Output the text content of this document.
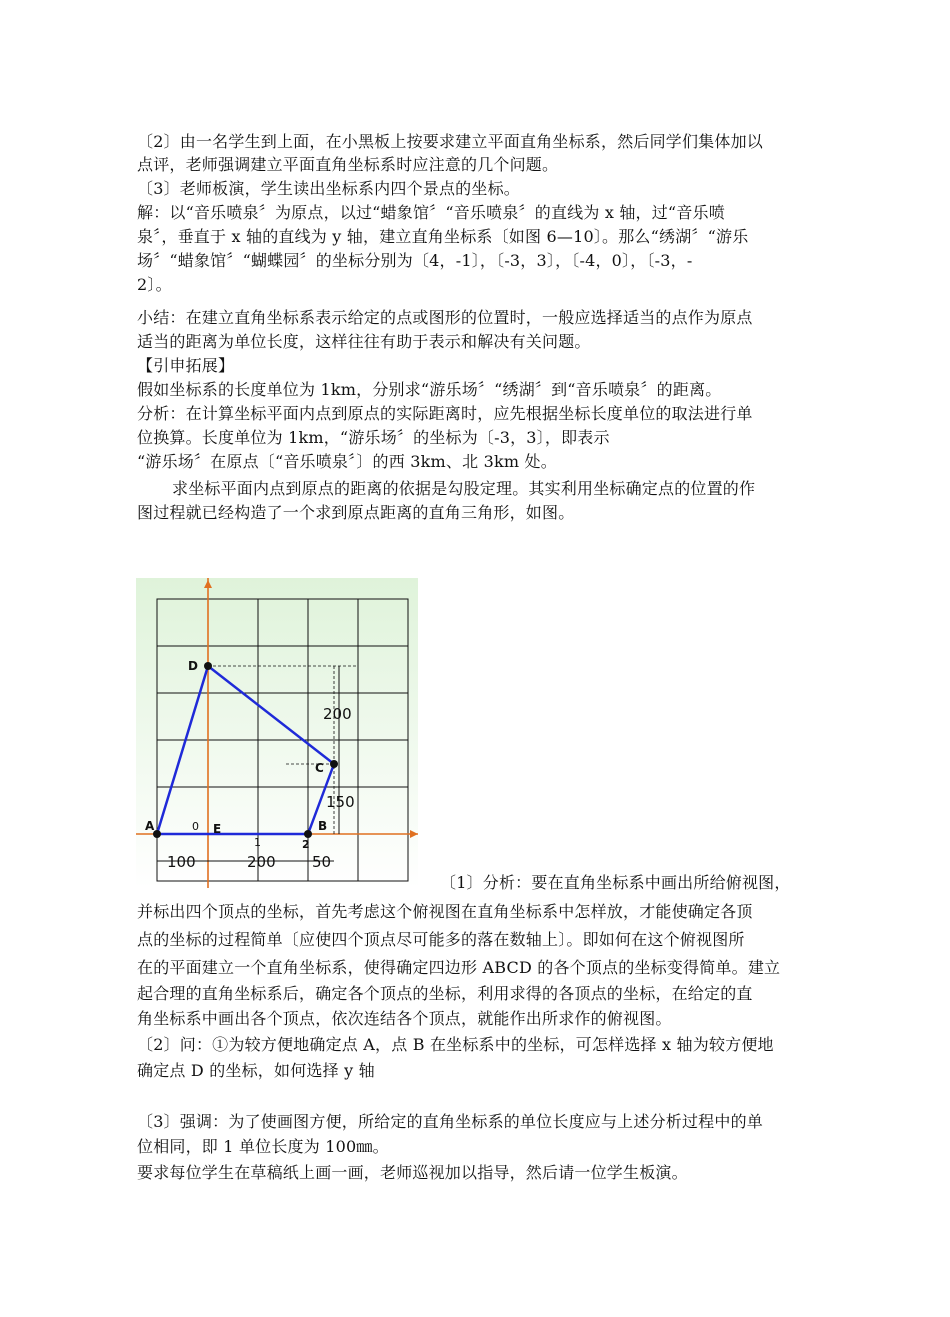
〔2〕由一名学生到上面，在小黑板上按要求建立平面直角坐标系，然后同学们集体加以
点评，老师强调建立平面直角坐标系时应注意的几个问题。
〔3〕老师板演，学生读出坐标系内四个景点的坐标。
解：以“音乐喷泉〞为原点，以过“蜡象馆〞“音乐喷泉〞的直线为 x 轴，过“音乐喷
泉〞，垂直于 x 轴的直线为 y 轴，建立直角坐标系〔如图 6—10〕。那么“绣湖〞“游乐
场〞“蜡象馆〞“蝴蝶园〞的坐标分别为〔4，-1〕，〔-3，3〕，〔-4，0〕，〔-3，-
2〕。
小结：在建立直角坐标系表示给定的点或图形的位置时，一般应选择适当的点作为原点
适当的距离为单位长度，这样往往有助于表示和解决有关问题。
【引申拓展】
假如坐标系的长度单位为 1km，分别求“游乐场〞“绣湖〞到“音乐喷泉〞的距离。
分析：在计算坐标平面内点到原点的实际距离时，应先根据坐标长度单位的取法进行单
位换算。长度单位为 1km，“游乐场〞的坐标为〔-3，3〕，即表示
“游乐场〞在原点〔“音乐喷泉〞〕的西 3km、北 3km 处。
求坐标平面内点到原点的距离的依据是勾股定理。其实利用坐标确定点的位置的作
图过程就已经构造了一个求到原点距离的直角三角形，如图。
A	B
C
D
E
0
1	2
200
150
100	200 50
〔1〕分析：要在直角坐标系中画出所给俯视图，
并标出四个顶点的坐标，首先考虑这个俯视图在直角坐标系中怎样放，才能使确定各顶
点的坐标的过程简单〔应使四个顶点尽可能多的落在数轴上〕。即如何在这个俯视图所
在的平面建立一个直角坐标系，使得确定四边形 ABCD 的各个顶点的坐标变得简单。建立
起合理的直角坐标系后，确定各个顶点的坐标，利用求得的各顶点的坐标，在给定的直
角坐标系中画出各个顶点，依次连结各个顶点，就能作出所求作的俯视图。
〔2〕问：①为较方便地确定点 A，点 B 在坐标系中的坐标，可怎样选择 x 轴为较方便地
确定点 D 的坐标，如何选择 y 轴
〔3〕强调：为了使画图方便，所给定的直角坐标系的单位长度应与上述分析过程中的单
位相同，即 1 单位长度为 100㎜。
要求每位学生在草稿纸上画一画，老师巡视加以指导，然后请一位学生板演。
